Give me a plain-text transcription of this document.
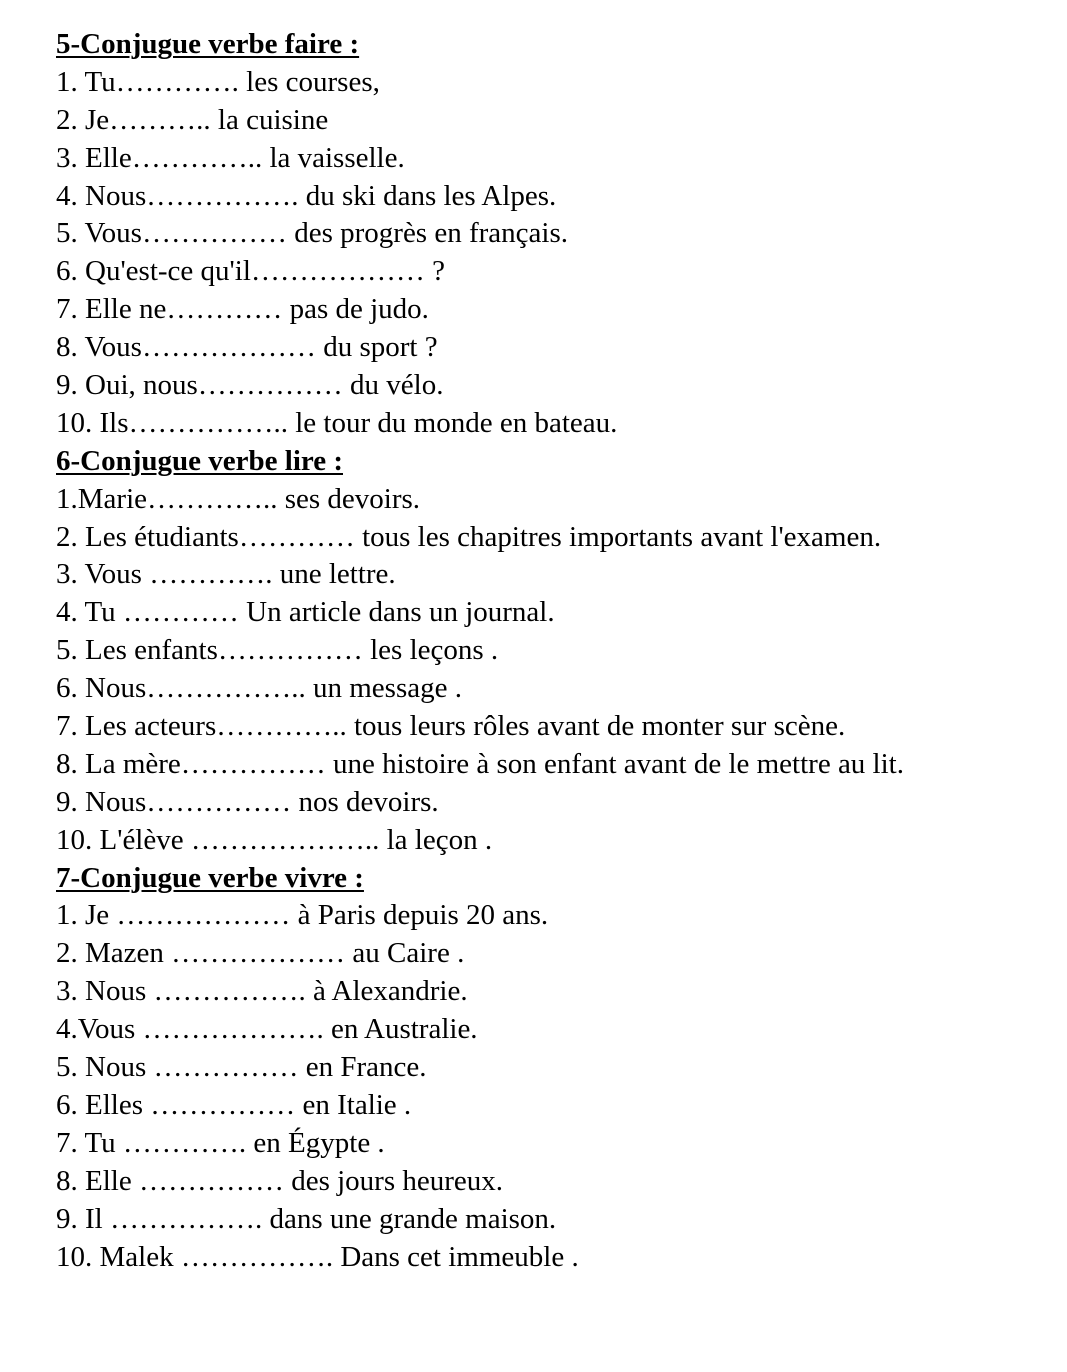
5-Conjugue verbe faire :
1. Tu…………. les courses,
2. Je……….. la cuisine
3. Elle………….. la vaisselle.
4. Nous……………. du ski dans les Alpes.
5. Vous…………… des progrès en français.
6. Qu'est-ce qu'il……………… ?
7. Elle ne………… pas de judo.
8. Vous……………… du sport ?
9. Oui, nous…………… du vélo.
10. Ils…………….. le tour du monde en bateau.
6-Conjugue verbe lire :
1.Marie………….. ses devoirs.
2. Les étudiants………… tous les chapitres importants avant l'examen.
3. Vous …………. une lettre.
4. Tu ………… Un article dans un journal.
5. Les enfants…………… les leçons .
6. Nous…………….. un message .
7. Les acteurs………….. tous leurs rôles avant de monter sur scène.
8. La mère…………… une histoire à son enfant avant de le mettre au lit.
9. Nous…………… nos devoirs.
10. L'élève ……………….. la leçon .
7-Conjugue verbe vivre :
1. Je ……………… à Paris depuis 20 ans.
2. Mazen ……………… au Caire .
3. Nous ……………. à Alexandrie.
4.Vous ………………. en Australie.
5. Nous …………… en France.
6. Elles …………… en Italie .
7. Tu …………. en Égypte .
8. Elle …………… des jours heureux.
9. Il ……………. dans une grande maison.
10. Malek ……………. Dans cet immeuble .
